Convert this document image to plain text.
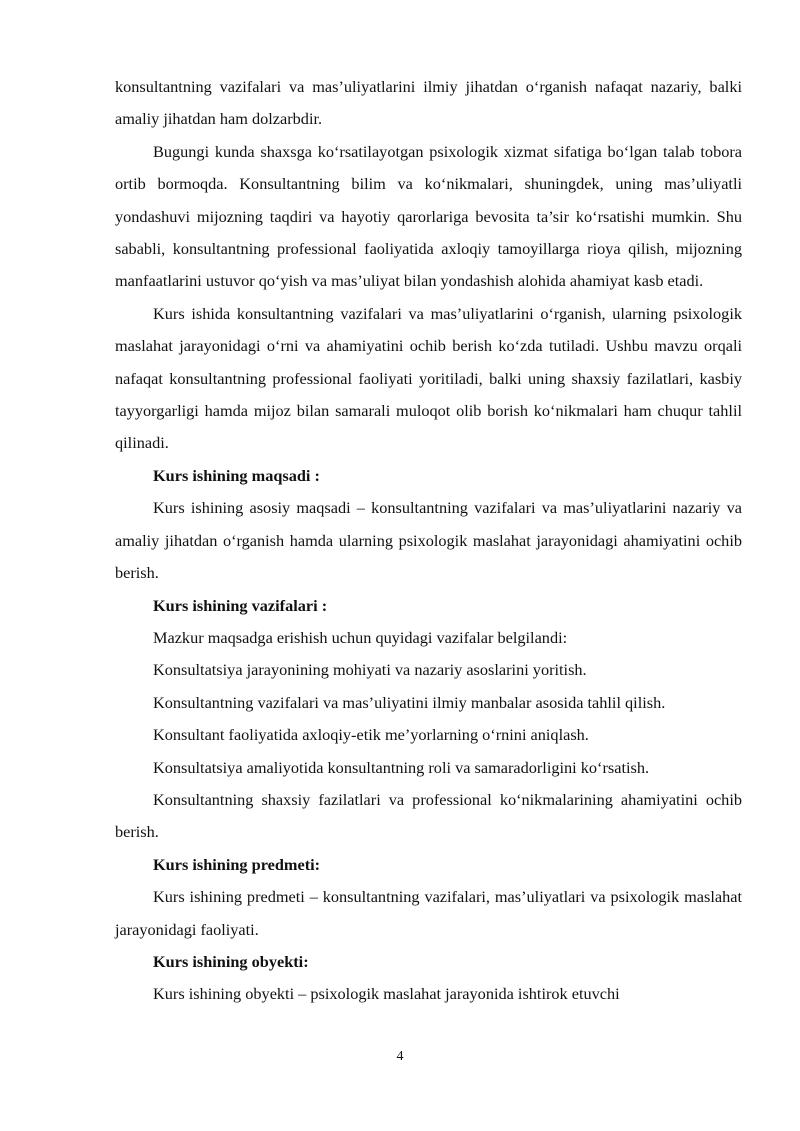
konsultantning vazifalari va mas’uliyatlarini ilmiy jihatdan o‘rganish nafaqat nazariy, balki amaliy jihatdan ham dolzarbdir.

Bugungi kunda shaxsga ko‘rsatilayotgan psixologik xizmat sifatiga bo‘lgan talab tobora ortib bormoqda. Konsultantning bilim va ko‘nikmalari, shuningdek, uning mas’uliyatli yondashuvi mijozning taqdiri va hayotiy qarorlariga bevosita ta’sir ko‘rsatishi mumkin. Shu sababli, konsultantning professional faoliyatida axloqiy tamoyillarga rioya qilish, mijozning manfaatlarini ustuvor qo‘yish va mas’uliyat bilan yondashish alohida ahamiyat kasb etadi.

Kurs ishida konsultantning vazifalari va mas’uliyatlarini o‘rganish, ularning psixologik maslahat jarayonidagi o‘rni va ahamiyatini ochib berish ko‘zda tutiladi. Ushbu mavzu orqali nafaqat konsultantning professional faoliyati yoritiladi, balki uning shaxsiy fazilatlari, kasbiy tayyorgarligi hamda mijoz bilan samarali muloqot olib borish ko‘nikmalari ham chuqur tahlil qilinadi.

Kurs ishining maqsadi :

Kurs ishining asosiy maqsadi – konsultantning vazifalari va mas’uliyatlarini nazariy va amaliy jihatdan o‘rganish hamda ularning psixologik maslahat jarayonidagi ahamiyatini ochib berish.

Kurs ishining vazifalari :

Mazkur maqsadga erishish uchun quyidagi vazifalar belgilandi:

Konsultatsiya jarayonining mohiyati va nazariy asoslarini yoritish.

Konsultantning vazifalari va mas’uliyatini ilmiy manbalar asosida tahlil qilish.

Konsultant faoliyatida axloqiy-etik me’yorlarning o‘rnini aniqlash.

Konsultatsiya amaliyotida konsultantning roli va samaradorligini ko‘rsatish.

Konsultantning shaxsiy fazilatlari va professional ko‘nikmalarining ahamiyatini ochib berish.

Kurs ishining predmeti:

Kurs ishining predmeti – konsultantning vazifalari, mas’uliyatlari va psixologik maslahat jarayonidagi faoliyati.

Kurs ishining obyekti:

Kurs ishining obyekti – psixologik maslahat jarayonida ishtirok etuvchi

4
